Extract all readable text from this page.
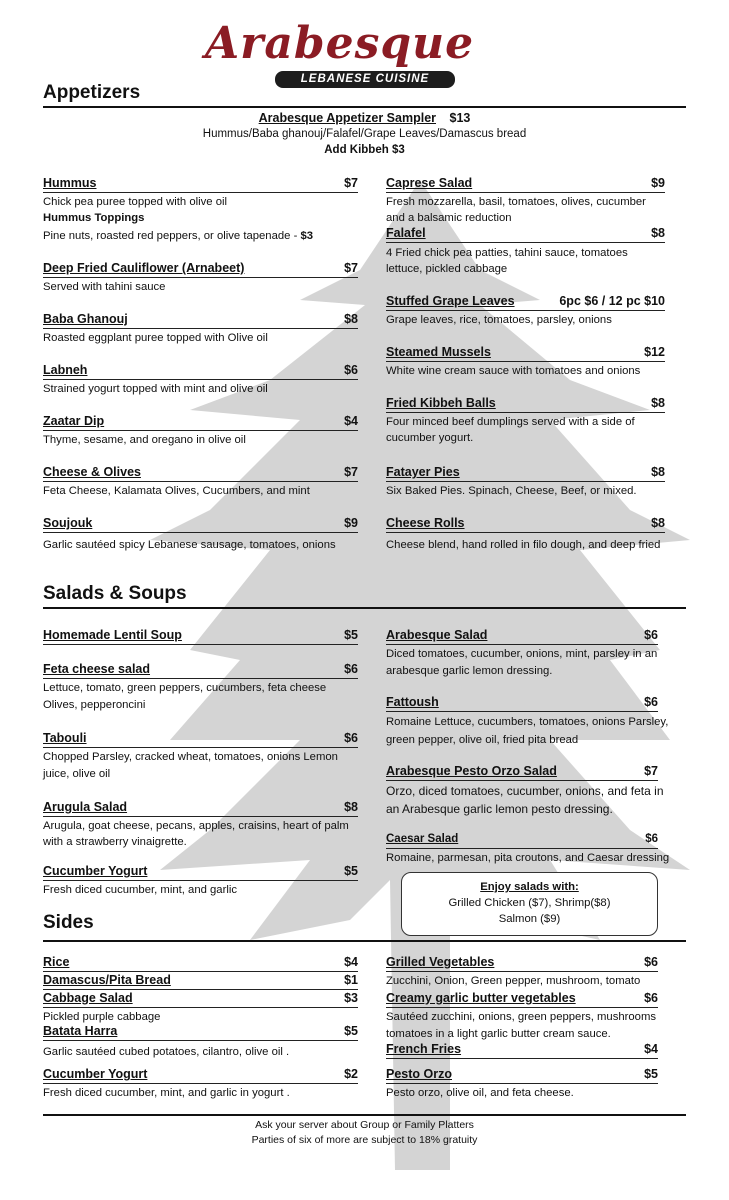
Arabesque
LEBANESE CUISINE
Appetizers
Arabesque Appetizer Sampler $13
Hummus/Baba ghanouj/Falafel/Grape Leaves/Damascus bread
Add Kibbeh $3
Hummus	$7
Chick pea puree topped with olive oil
Hummus Toppings
Pine nuts, roasted red peppers, or olive tapenade - $3
Deep Fried Cauliflower (Arnabeet)	$7
Served with tahini sauce
Baba Ghanouj	$8
Roasted eggplant puree topped with Olive oil
Labneh	$6
Strained yogurt topped with mint and olive oil
Zaatar Dip	$4
Thyme, sesame, and oregano in olive oil
Cheese & Olives	$7
Feta Cheese, Kalamata Olives, Cucumbers, and mint
Soujouk	$9
Garlic sautéed spicy Lebanese sausage, tomatoes, onions
Caprese Salad	$9
Fresh mozzarella, basil, tomatoes, olives, cucumber and a balsamic reduction
Falafel	$8
4 Fried chick pea patties, tahini sauce, tomatoes lettuce, pickled cabbage
Stuffed Grape Leaves	6pc $6 / 12 pc $10
Grape leaves, rice, tomatoes, parsley, onions
Steamed Mussels	$12
White wine cream sauce with tomatoes and onions
Fried Kibbeh Balls	$8
Four minced beef dumplings served with a side of cucumber yogurt.
Fatayer Pies	$8
Six Baked Pies. Spinach, Cheese, Beef, or mixed.
Cheese Rolls	$8
Cheese blend, hand rolled in filo dough, and deep fried
Salads & Soups
Homemade Lentil Soup	$5
Feta cheese salad	$6
Lettuce, tomato, green peppers, cucumbers, feta cheese Olives, pepperoncini
Tabouli	$6
Chopped Parsley, cracked wheat, tomatoes, onions Lemon juice, olive oil
Arugula Salad	$8
Arugula, goat cheese, pecans, apples, craisins, heart of palm with a strawberry vinaigrette.
Cucumber Yogurt	$5
Fresh diced cucumber, mint, and garlic
Arabesque Salad	$6
Diced tomatoes, cucumber, onions, mint, parsley in an arabesque garlic lemon dressing.
Fattoush	$6
Romaine Lettuce, cucumbers, tomatoes, onions Parsley, green pepper, olive oil, fried pita bread
Arabesque Pesto Orzo Salad	$7
Orzo, diced tomatoes, cucumber, onions, and feta in an Arabesque garlic lemon pesto dressing.
Caesar Salad	$6
Romaine, parmesan, pita croutons, and Caesar dressing
Enjoy salads with:
Grilled Chicken ($7), Shrimp($8)
Salmon ($9)
Sides
Rice	$4
Damascus/Pita Bread	$1
Cabbage Salad	$3
Pickled purple cabbage
Batata Harra	$5
Garlic sautéed cubed potatoes, cilantro, olive oil .
Cucumber Yogurt	$2
Fresh diced cucumber, mint, and garlic in yogurt .
Grilled Vegetables	$6
Zucchini, Onion, Green pepper, mushroom, tomato
Creamy garlic butter vegetables	$6
Sautéed zucchini, onions, green peppers, mushrooms tomatoes in a light garlic butter cream sauce.
French Fries	$4
Pesto Orzo	$5
Pesto orzo, olive oil, and feta cheese.
Ask your server about Group or Family Platters
Parties of six of more are subject to 18% gratuity
